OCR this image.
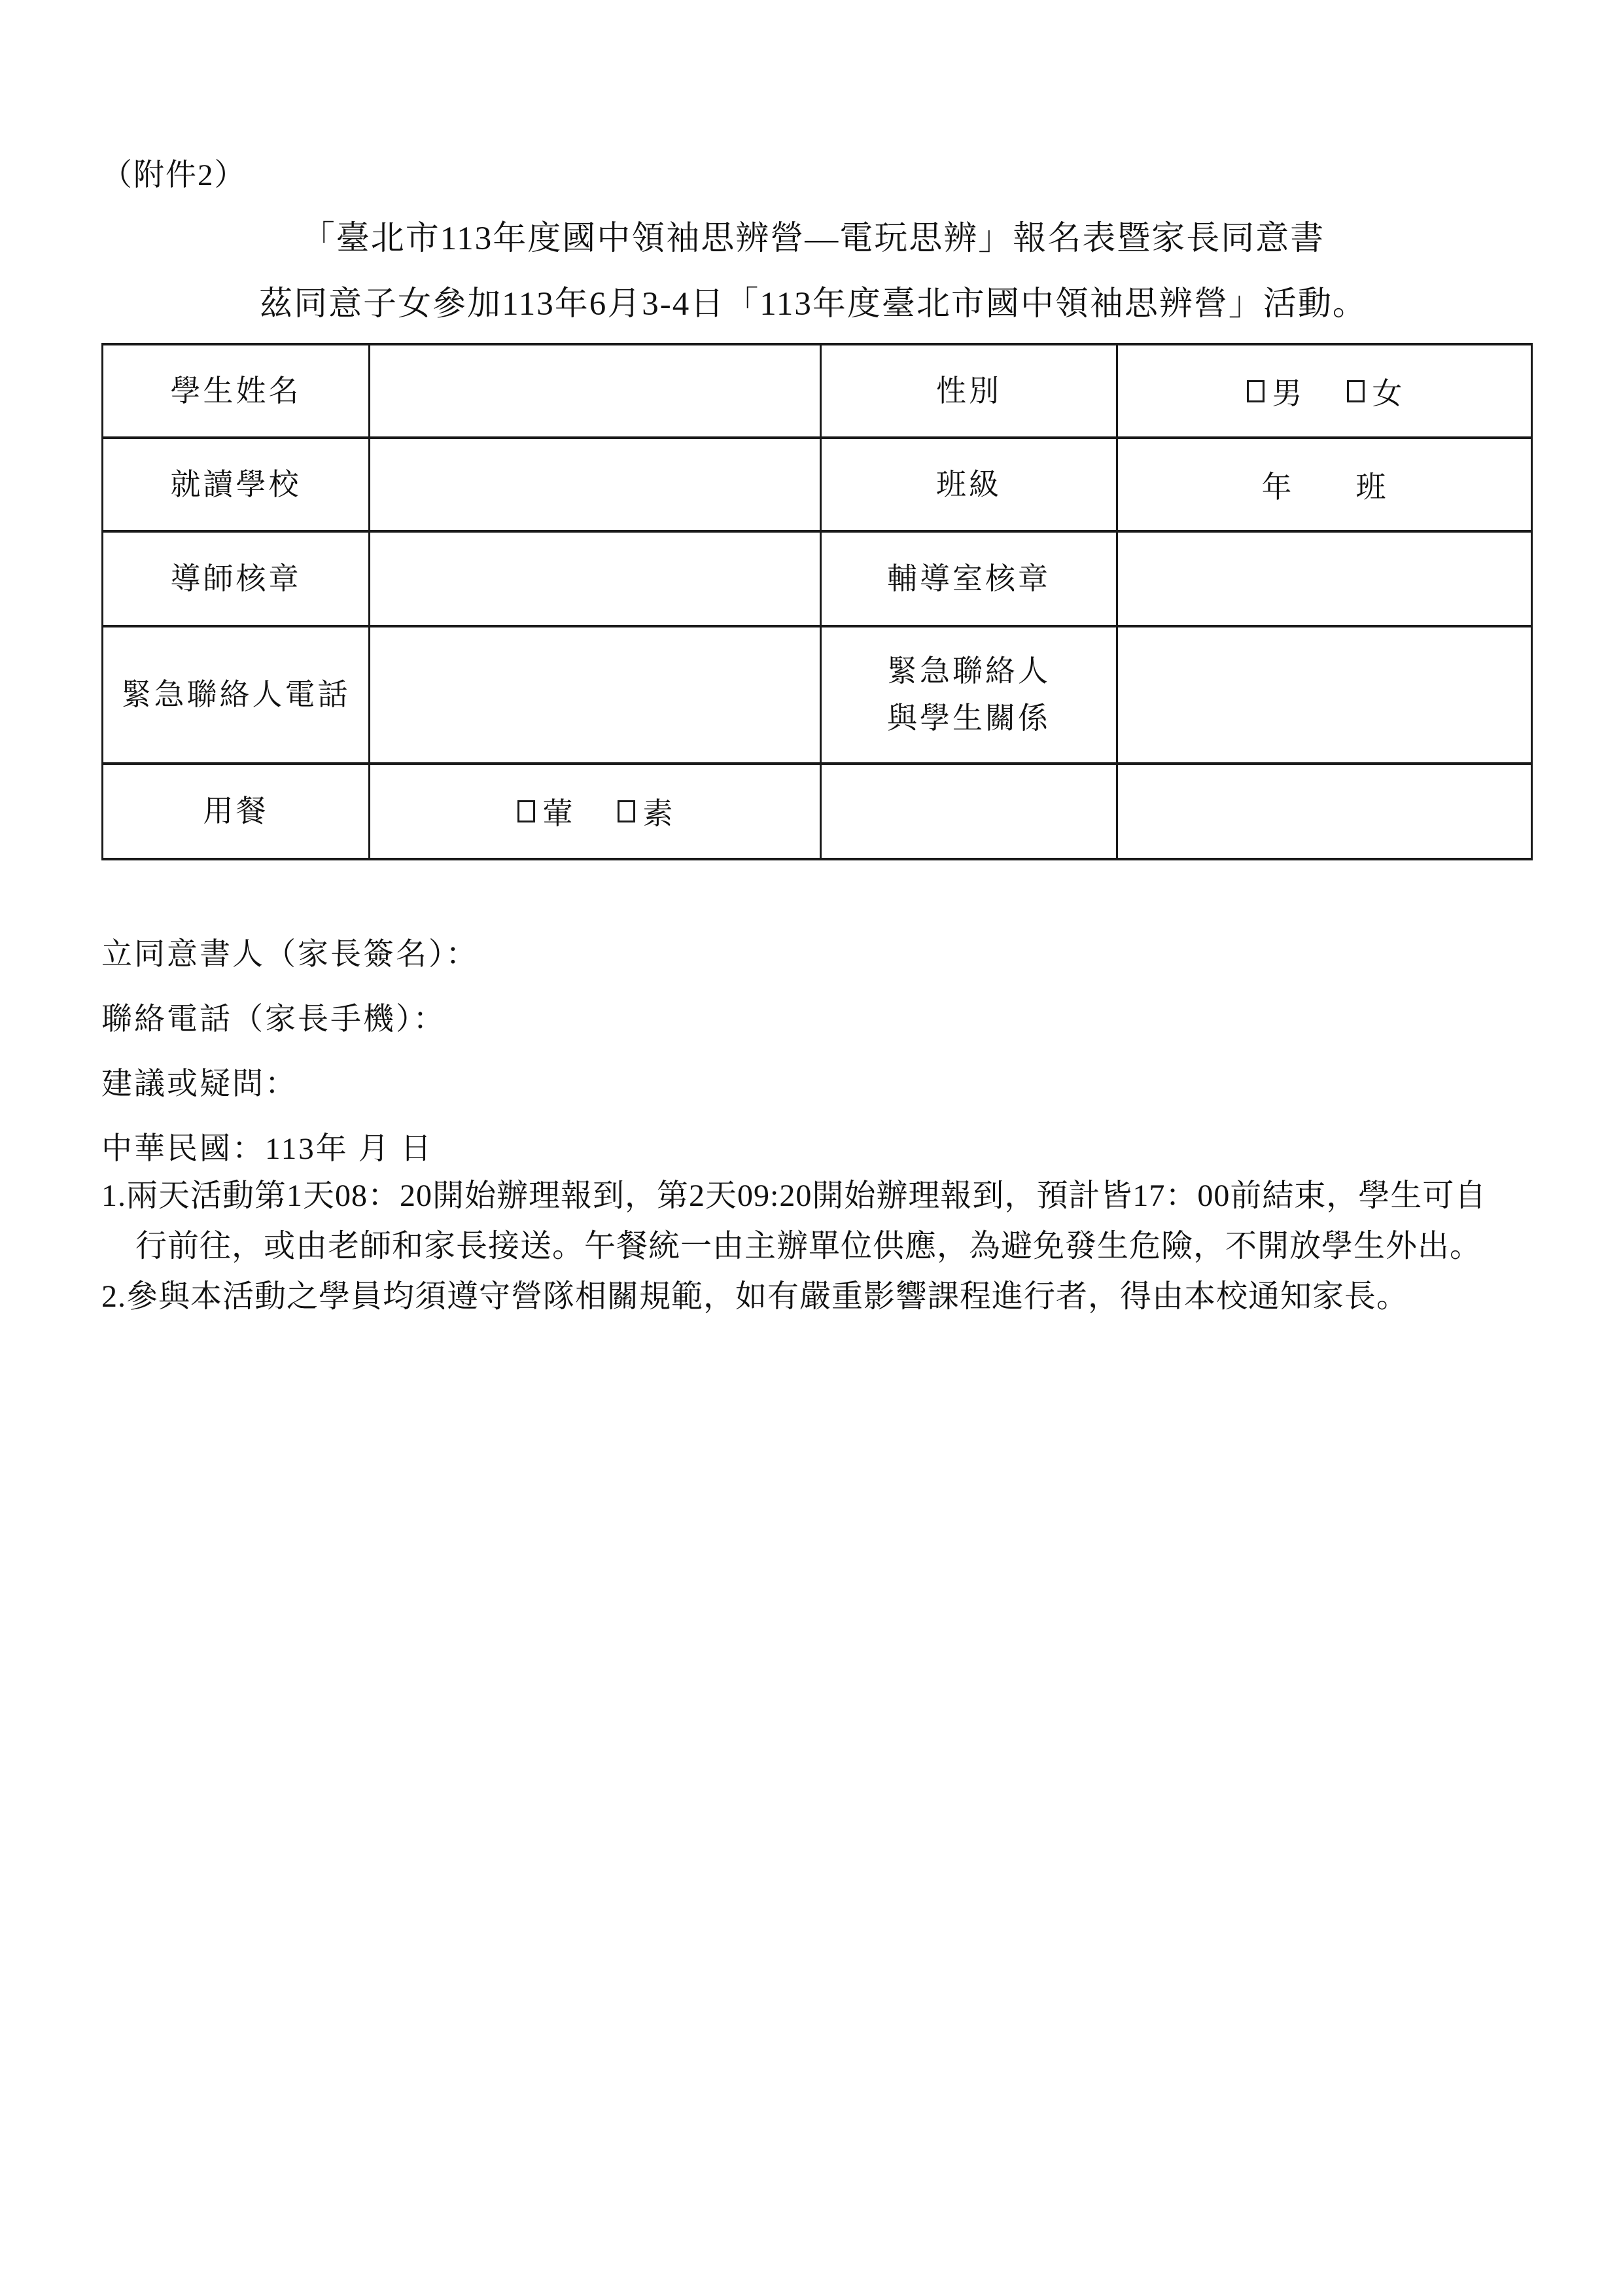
（附件2）
「臺北市113年度國中領袖思辨營—電玩思辨」報名表暨家長同意書
茲同意子女參加113年6月3-4日「113年度臺北市國中領袖思辨營」活動。
學生姓名		性別	男 女

就讀學校		班級	年　　班
導師核章		輔導室核章	
緊急聯絡人電話		緊急聯絡人
與學生關係	

用餐	葷 素		

立同意書人（家長簽名）：
聯絡電話（家長手機）：
建議或疑問：
中華民國：113年 月 日
1.兩天活動第1天08：20開始辦理報到，第2天09:20開始辦理報到，預計皆17：00前結束，學生可自
行前往，或由老師和家長接送。午餐統一由主辦單位供應，為避免發生危險，不開放學生外出。
2.參與本活動之學員均須遵守營隊相關規範，如有嚴重影響課程進行者，得由本校通知家長。
